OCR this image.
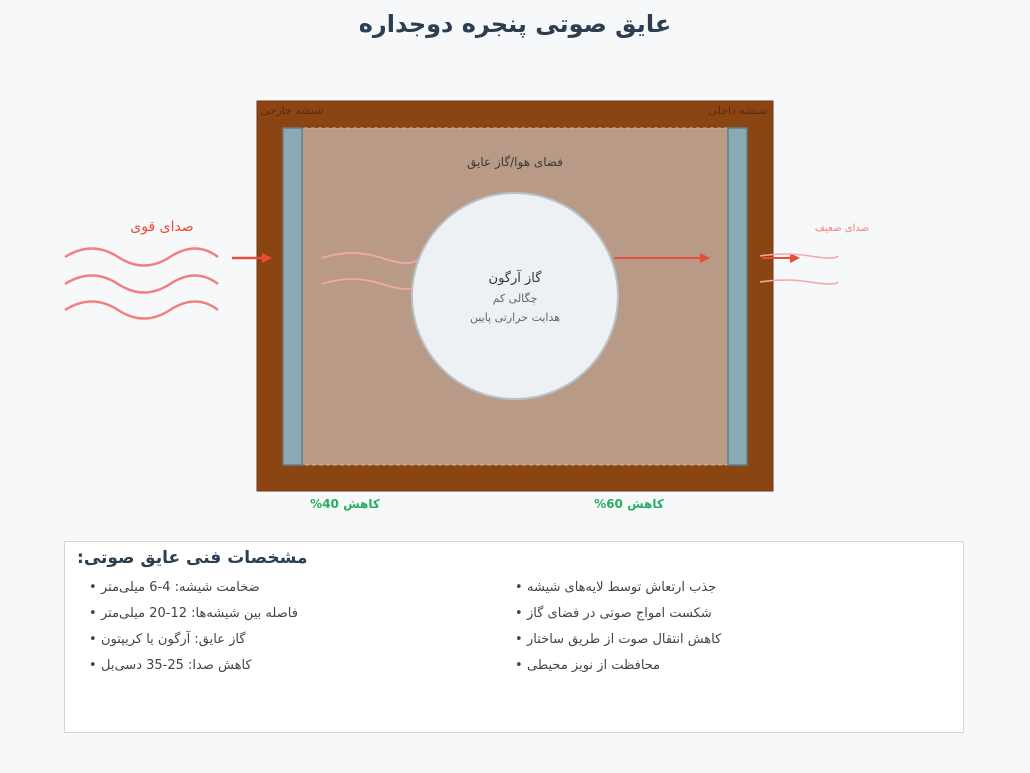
عایق صوتی پنجره دوجداره
شیشه خارجی	شیشه داخلی
فضای هوا/گاز عایق
صدای قوی	۰۰
گاز آرگون
چگالی کم
هدایت حرارتی پایین
صدای ضعیف
%کاهش 40	%کاهش 60
:مشخصات فنی عایق صوتی
• ضخامت شیشه: 4-6 میلی‌متر
• فاصله بین شیشه‌ها: 12-20 میلی‌متر
• گاز عایق: آرگون یا کریپتون
• کاهش صدا: 25-35 دسی‌بل
• جذب ارتعاش توسط لایه‌های شیشه
• شکست امواج صوتی در فضای گاز
• کاهش انتقال صوت از طریق ساختار
• محافظت از نویز محیطی
